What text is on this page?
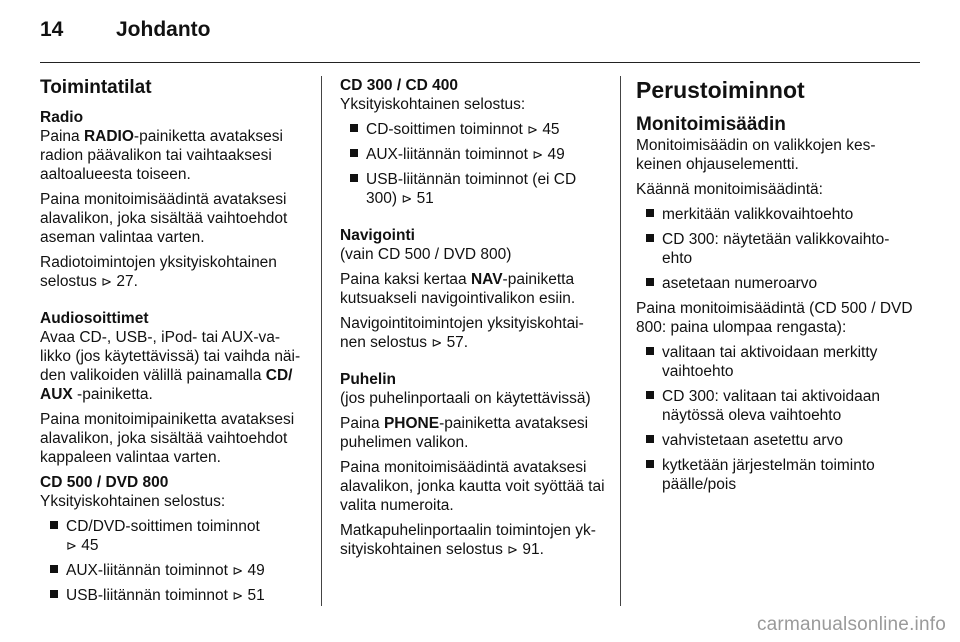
14	Johdanto
Toimintatilat
Radio

Paina RADIO-painiketta avataksesi radion päävalikon tai vaihtaaksesi aaltoalueesta toiseen.

Paina monitoimisäädintä avataksesi alavalikon, joka sisältää vaihtoehdot aseman valintaa varten.

Radiotoimintojen yksityiskohtainen selostus ⊳ 27.

Audiosoittimet

Avaa CD-, USB-, iPod- tai AUX-va-likko (jos käytettävissä) tai vaihda näi-den valikoiden välillä painamalla CD/ AUX -painiketta.

Paina monitoimipainiketta avataksesi alavalikon, joka sisältää vaihtoehdot kappaleen valintaa varten.

CD 500 / DVD 800

Yksityiskohtainen selostus:

CD/DVD-soittimen toiminnot
⊳ 45
AUX-liitännän toiminnot ⊳ 49
USB-liitännän toiminnot ⊳ 51
CD 300 / CD 400

Yksityiskohtainen selostus:

CD-soittimen toiminnot ⊳ 45
AUX-liitännän toiminnot ⊳ 49
USB-liitännän toiminnot (ei CD 300) ⊳ 51
Navigointi

(vain CD 500 / DVD 800)

Paina kaksi kertaa NAV-painiketta kutsuakseli navigointivalikon esiin.

Navigointitoimintojen yksityiskohtai-nen selostus ⊳ 57.

Puhelin

(jos puhelinportaali on käytettävissä)

Paina PHONE-painiketta avataksesi puhelimen valikon.

Paina monitoimisäädintä avataksesi alavalikon, jonka kautta voit syöttää tai valita numeroita.

Matkapuhelinportaalin toimintojen yk-sityiskohtainen selostus ⊳ 91.

Perustoiminnot
Monitoimisäädin

Monitoimisäädin on valikkojen kes-keinen ohjauselementti.

Käännä monitoimisäädintä:

merkitään valikkovaihtoehto
CD 300: näytetään valikkovaihto-ehto
asetetaan numeroarvo

Paina monitoimisäädintä (CD 500 / DVD 800: paina ulompaa rengasta):

valitaan tai aktivoidaan merkitty vaihtoehto
CD 300: valitaan tai aktivoidaan näytössä oleva vaihtoehto
vahvistetaan asetettu arvo
kytketään järjestelmän toiminto päälle/pois
carmanualsonline.info
